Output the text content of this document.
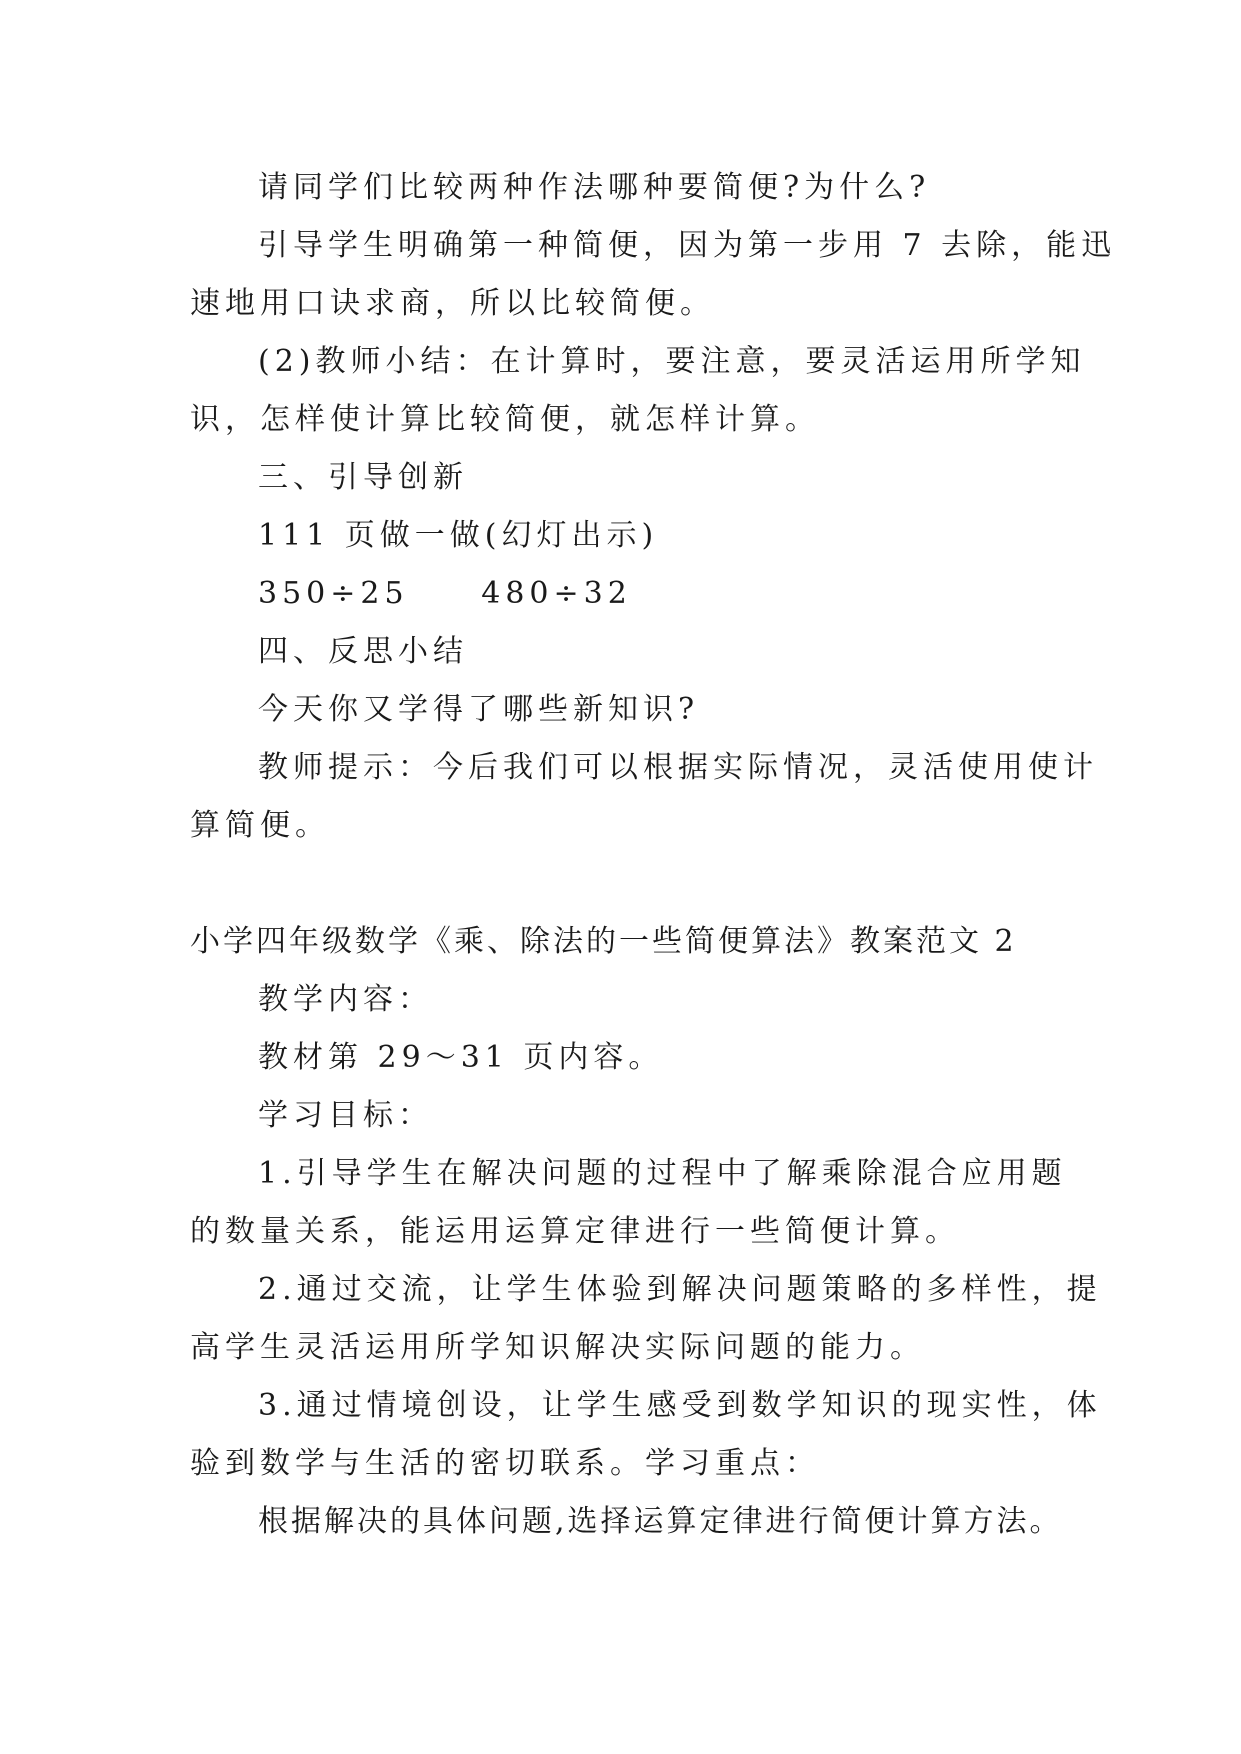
请同学们比较两种作法哪种要简便?为什么?
引导学生明确第一种简便，因为第一步用 7 去除，能迅
速地用口诀求商，所以比较简便。
(2)教师小结：在计算时，要注意，要灵活运用所学知
识，怎样使计算比较简便，就怎样计算。
三、引导创新
111 页做一做(幻灯出示)
350÷25     480÷32
四、反思小结
今天你又学得了哪些新知识?
教师提示：今后我们可以根据实际情况，灵活使用使计
算简便。
小学四年级数学《乘、除法的一些简便算法》教案范文 2
教学内容：
教材第 29～31 页内容。
学习目标：
1.引导学生在解决问题的过程中了解乘除混合应用题
的数量关系，能运用运算定律进行一些简便计算。
2.通过交流，让学生体验到解决问题策略的多样性，提
高学生灵活运用所学知识解决实际问题的能力。
3.通过情境创设，让学生感受到数学知识的现实性，体
验到数学与生活的密切联系。学习重点：
根据解决的具体问题,选择运算定律进行简便计算方法。
